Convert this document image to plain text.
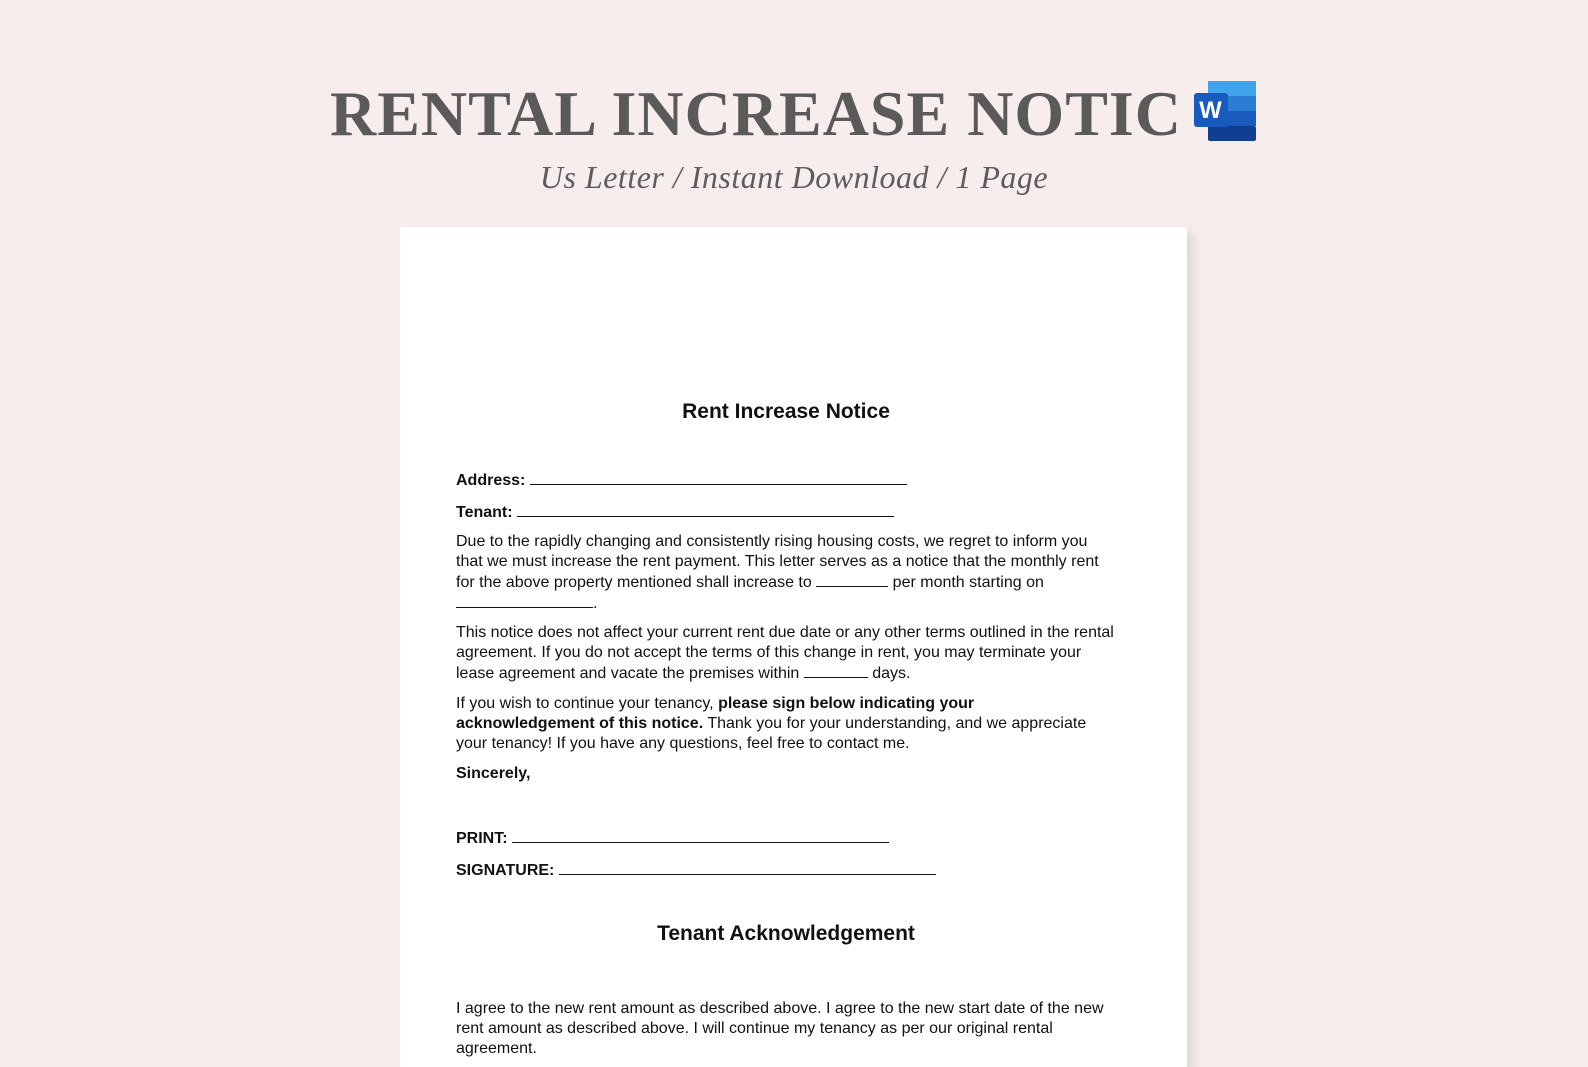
RENTAL INCREASE NOTIC W

Us Letter / Instant Download / 1 Page

Rent Increase Notice
Address:
Tenant:

Due to the rapidly changing and consistently rising housing costs, we regret to inform you that we must increase the rent payment. This letter serves as a notice that the monthly rent for the above property mentioned shall increase to	per month starting on .

This notice does not affect your current rent due date or any other terms outlined in the rental agreement. If you do not accept the terms of this change in rent, you may terminate your lease agreement and vacate the premises within	days.

If you wish to continue your tenancy, please sign below indicating your acknowledgement of this notice. Thank you for your understanding, and we appreciate your tenancy! If you have any questions, feel free to contact me.

Sincerely,
PRINT:
SIGNATURE:
Tenant Acknowledgement

I agree to the new rent amount as described above. I agree to the new start date of the new rent amount as described above. I will continue my tenancy as per our original rental agreement.
